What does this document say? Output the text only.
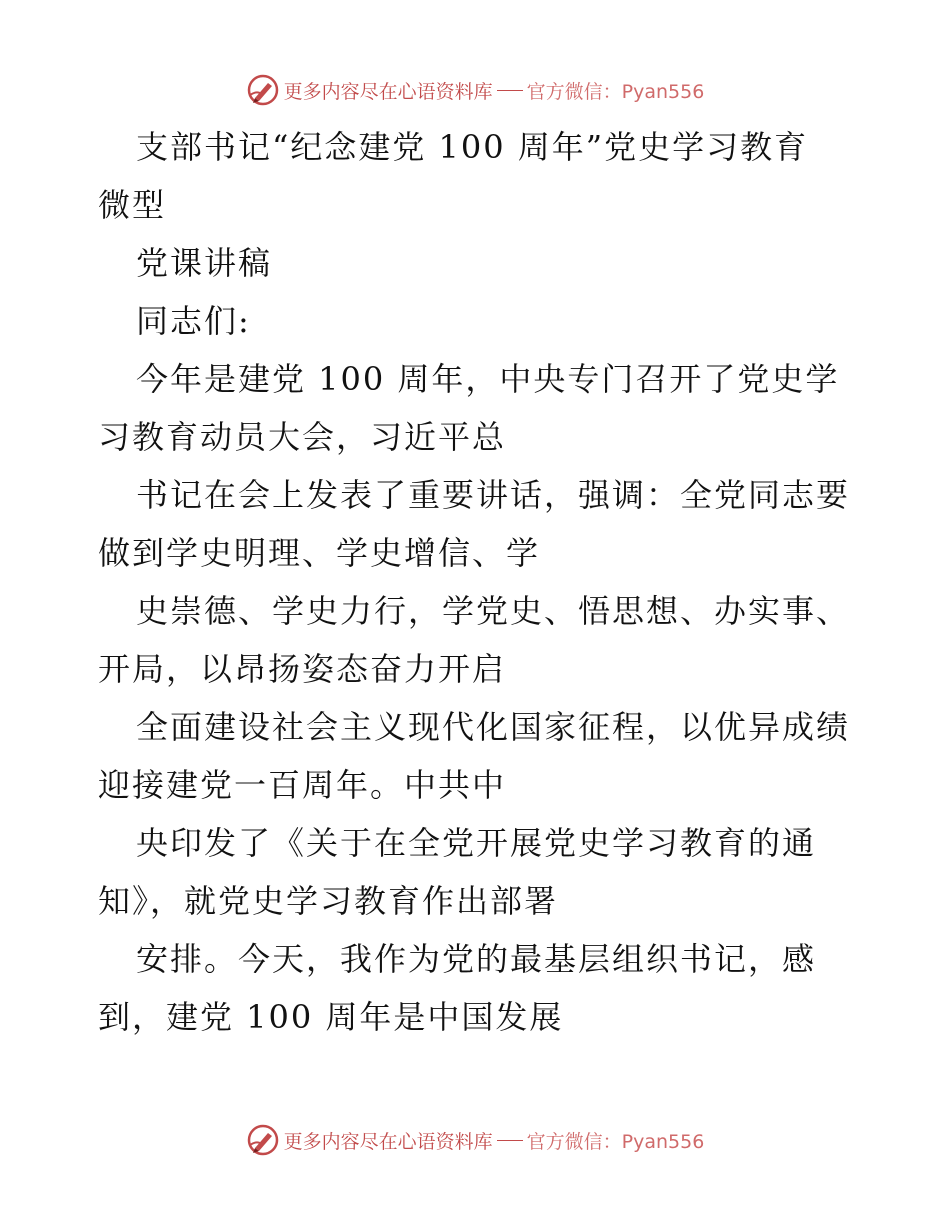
更多内容尽在心语资料库 官方微信：Pyan556
支部书记“纪念建党 100 周年”党史学习教育
微型
党课讲稿
同志们:
今年是建党 100 周年，中央专门召开了党史学
习教育动员大会，习近平总
书记在会上发表了重要讲话，强调：全党同志要
做到学史明理、学史增信、学
史崇德、学史力行，学党史、悟思想、办实事、
开局，以昂扬姿态奋力开启
全面建设社会主义现代化国家征程，以优异成绩
迎接建党一百周年。中共中
央印发了《关于在全党开展党史学习教育的通
知》，就党史学习教育作出部署
安排。今天，我作为党的最基层组织书记，感
到，建党 100 周年是中国发展
更多内容尽在心语资料库 官方微信：Pyan556
